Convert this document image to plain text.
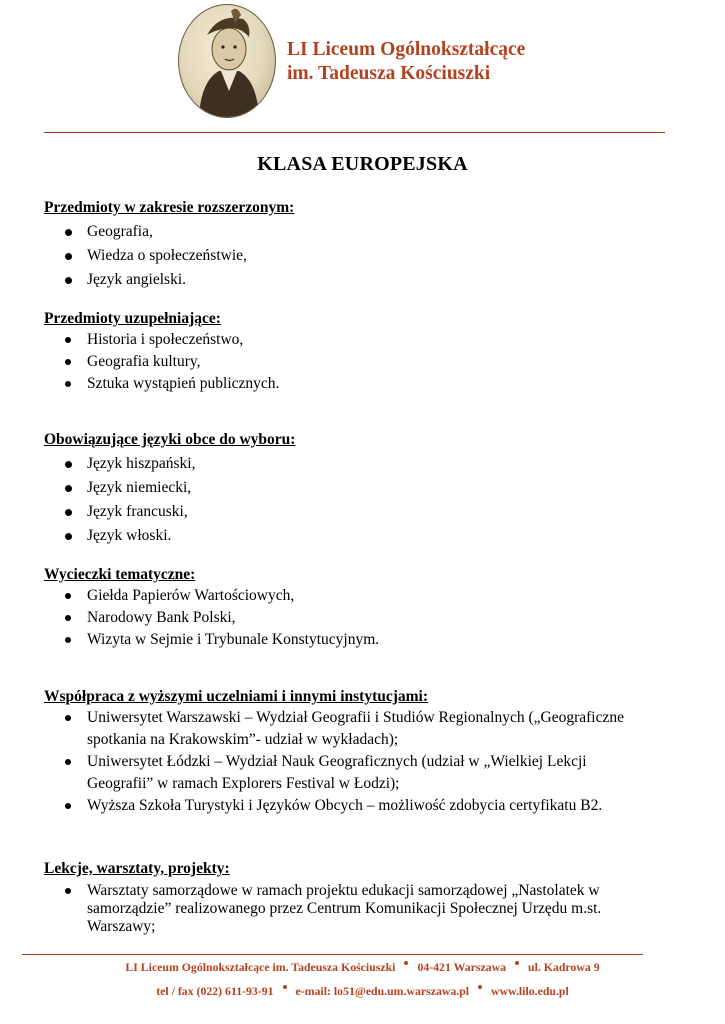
LI Liceum Ogólnokształcące
im. Tadeusza Kościuszki
KLASA EUROPEJSKA

Przedmioty w zakresie rozszerzonym:

Geografia,
Wiedza o społeczeństwie,
Język angielski.

Przedmioty uzupełniające:

Historia i społeczeństwo,
Geografia kultury,
Sztuka wystąpień publicznych.

Obowiązujące języki obce do wyboru:

Język hiszpański,
Język niemiecki,
Język francuski,
Język włoski.

Wycieczki tematyczne:

Giełda Papierów Wartościowych,
Narodowy Bank Polski,
Wizyta w Sejmie i Trybunale Konstytucyjnym.

Współpraca z wyższymi uczelniami i innymi instytucjami:

Uniwersytet Warszawski – Wydział Geografii i Studiów Regionalnych („Geograficzne spotkania na Krakowskim”- udział w wykładach);
Uniwersytet Łódzki – Wydział Nauk Geograficznych (udział w „Wielkiej Lekcji Geografii” w ramach Explorers Festival w Łodzi);
Wyższa Szkoła Turystyki i Języków Obcych – możliwość zdobycia certyfikatu B2.

Lekcje, warsztaty, projekty:

Warsztaty samorządowe w ramach projektu edukacji samorządowej „Nastolatek w samorządzie” realizowanego przez Centrum Komunikacji Społecznej Urzędu m.st. Warszawy;
LI Liceum Ogólnokształcące im. Tadeusza Kościuszki 04-421 Warszawa ul. Kadrowa 9
tel / fax (022) 611-93-91 e-mail: lo51@edu.um.warszawa.pl www.lilo.edu.pl
